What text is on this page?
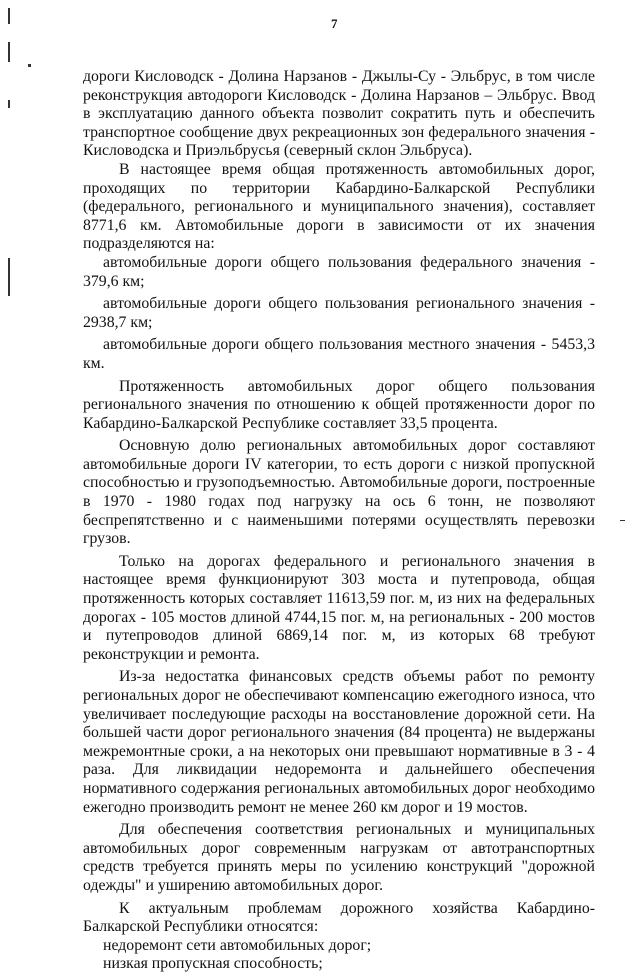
7

дороги Кисловодск - Долина Нарзанов - Джылы-Су - Эльбрус, в том числе реконструкция автодороги Кисловодск - Долина Нарзанов – Эльбрус. Ввод в эксплуатацию данного объекта позволит сократить путь и обеспечить транспортное сообщение двух рекреационных зон федерального значения - Кисловодска и Приэльбрусья (северный склон Эльбруса).

В настоящее время общая протяженность автомобильных дорог, проходящих по территории Кабардино-Балкарской Республики (федерального, регионального и муниципального значения), составляет 8771,6 км. Автомобильные дороги в зависимости от их значения подразделяются на:

автомобильные дороги общего пользования федерального значения - 379,6 км;

автомобильные дороги общего пользования регионального значения - 2938,7 км;

автомобильные дороги общего пользования местного значения - 5453,3 км.

Протяженность автомобильных дорог общего пользования регионального значения по отношению к общей протяженности дорог по Кабардино-Балкарской Республике составляет 33,5 процента.

Основную долю региональных автомобильных дорог составляют автомобильные дороги IV категории, то есть дороги с низкой пропускной способностью и грузоподъемностью. Автомобильные дороги, построенные в 1970 - 1980 годах под нагрузку на ось 6 тонн, не позволяют беспрепятственно и с наименьшими потерями осуществлять перевозки грузов.

Только на дорогах федерального и регионального значения в настоящее время функционируют 303 моста и путепровода, общая протяженность которых составляет 11613,59 пог. м, из них на федеральных дорогах - 105 мостов длиной 4744,15 пог. м, на региональных - 200 мостов и путепроводов длиной 6869,14 пог. м, из которых 68 требуют реконструкции и ремонта.

Из-за недостатка финансовых средств объемы работ по ремонту региональных дорог не обеспечивают компенсацию ежегодного износа, что увеличивает последующие расходы на восстановление дорожной сети. На большей части дорог регионального значения (84 процента) не выдержаны межремонтные сроки, а на некоторых они превышают нормативные в 3 - 4 раза. Для ликвидации недоремонта и дальнейшего обеспечения нормативного содержания региональных автомобильных дорог необходимо ежегодно производить ремонт не менее 260 км дорог и 19 мостов.

Для обеспечения соответствия региональных и муниципальных автомобильных дорог современным нагрузкам от автотранспортных средств требуется принять меры по усилению конструкций "дорожной одежды" и уширению автомобильных дорог.

К актуальным проблемам дорожного хозяйства Кабардино-Балкарской Республики относятся:

недоремонт сети автомобильных дорог;

низкая пропускная способность;
